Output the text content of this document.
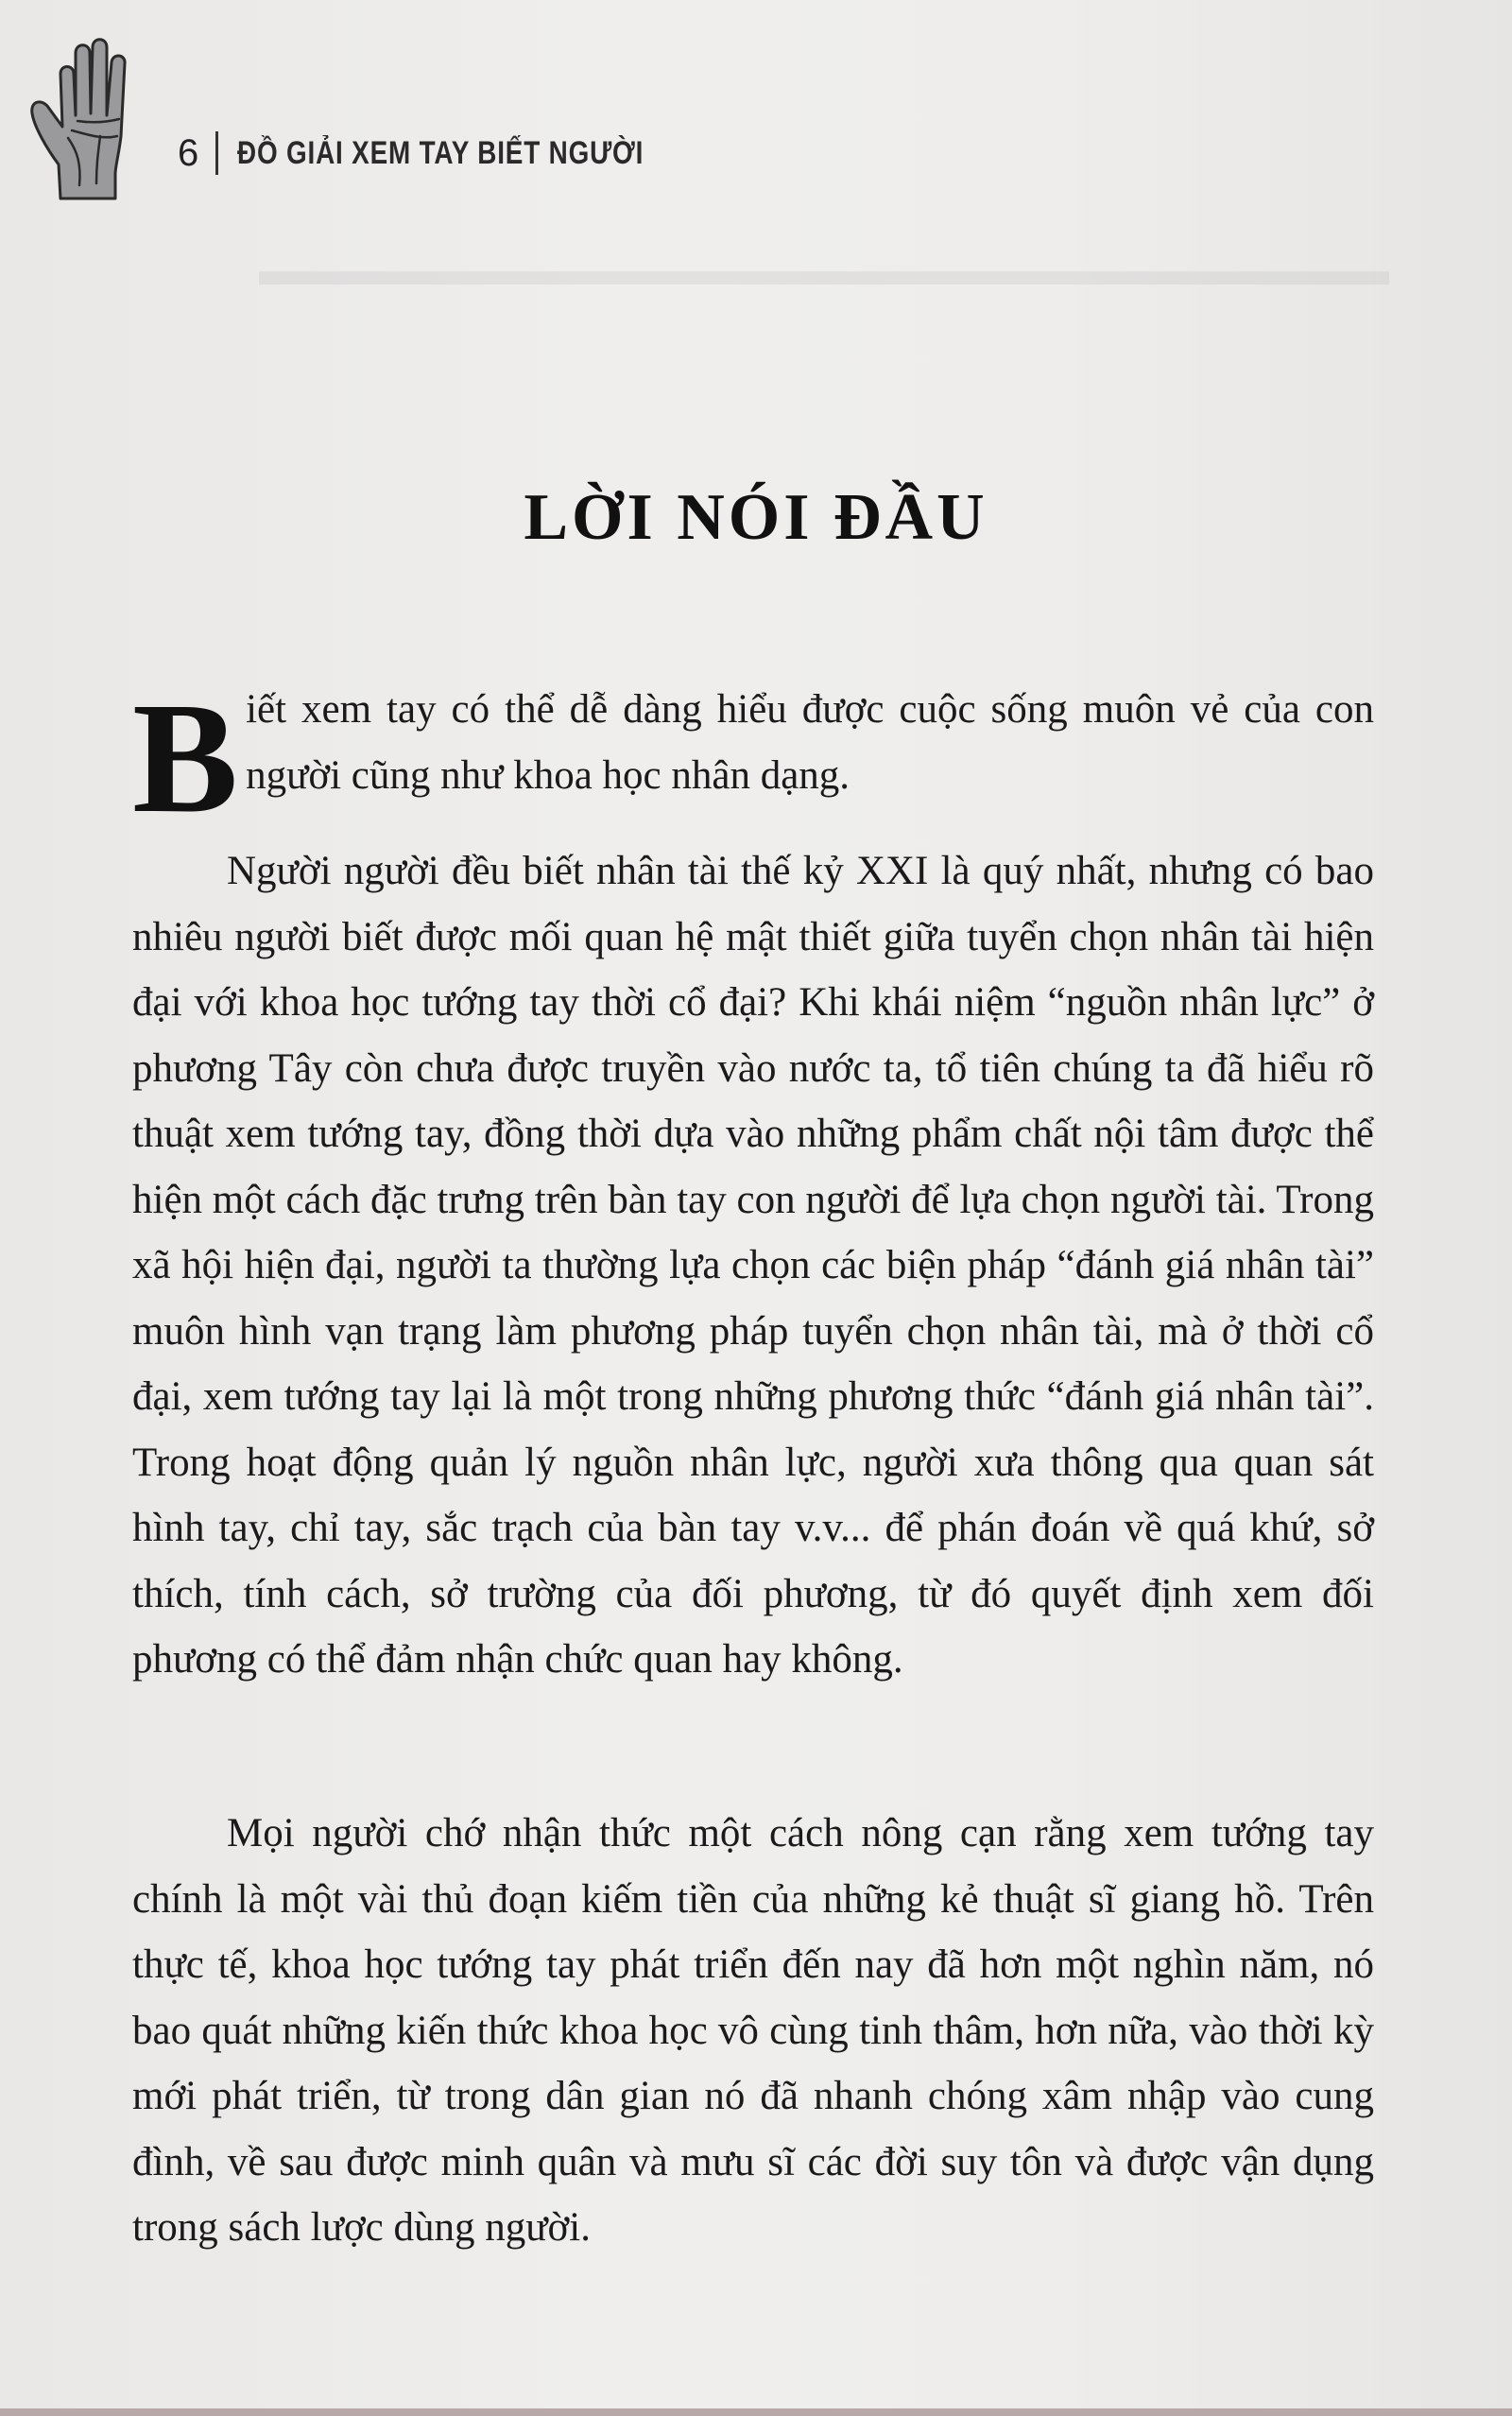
▬▬▬▬▬▬▬▬▬▬▬▬▬▬▬▬▬▬▬▬▬▬▬▬▬▬
6 ĐỒ GIẢI XEM TAY BIẾT NGƯỜI
LỜI NÓI ĐẦU
B iết xem tay có thể dễ dàng hiểu được cuộc sống muôn vẻ của con người cũng như khoa học nhân dạng.
Người người đều biết nhân tài thế kỷ XXI là quý nhất, nhưng có bao nhiêu người biết được mối quan hệ mật thiết giữa tuyển chọn nhân tài hiện đại với khoa học tướng tay thời cổ đại? Khi khái niệm “nguồn nhân lực” ở phương Tây còn chưa được truyền vào nước ta, tổ tiên chúng ta đã hiểu rõ thuật xem tướng tay, đồng thời dựa vào những phẩm chất nội tâm được thể hiện một cách đặc trưng trên bàn tay con người để lựa chọn người tài. Trong xã hội hiện đại, người ta thường lựa chọn các biện pháp “đánh giá nhân tài” muôn hình vạn trạng làm phương pháp tuyển chọn nhân tài, mà ở thời cổ đại, xem tướng tay lại là một trong những phương thức “đánh giá nhân tài”. Trong hoạt động quản lý nguồn nhân lực, người xưa thông qua quan sát hình tay, chỉ tay, sắc trạch của bàn tay v.v... để phán đoán về quá khứ, sở thích, tính cách, sở trường của đối phương, từ đó quyết định xem đối phương có thể đảm nhận chức quan hay không.
Mọi người chớ nhận thức một cách nông cạn rằng xem tướng tay chính là một vài thủ đoạn kiếm tiền của những kẻ thuật sĩ giang hồ. Trên thực tế, khoa học tướng tay phát triển đến nay đã hơn một nghìn năm, nó bao quát những kiến thức khoa học vô cùng tinh thâm, hơn nữa, vào thời kỳ mới phát triển, từ trong dân gian nó đã nhanh chóng xâm nhập vào cung đình, về sau được minh quân và mưu sĩ các đời suy tôn và được vận dụng trong sách lược dùng người.
